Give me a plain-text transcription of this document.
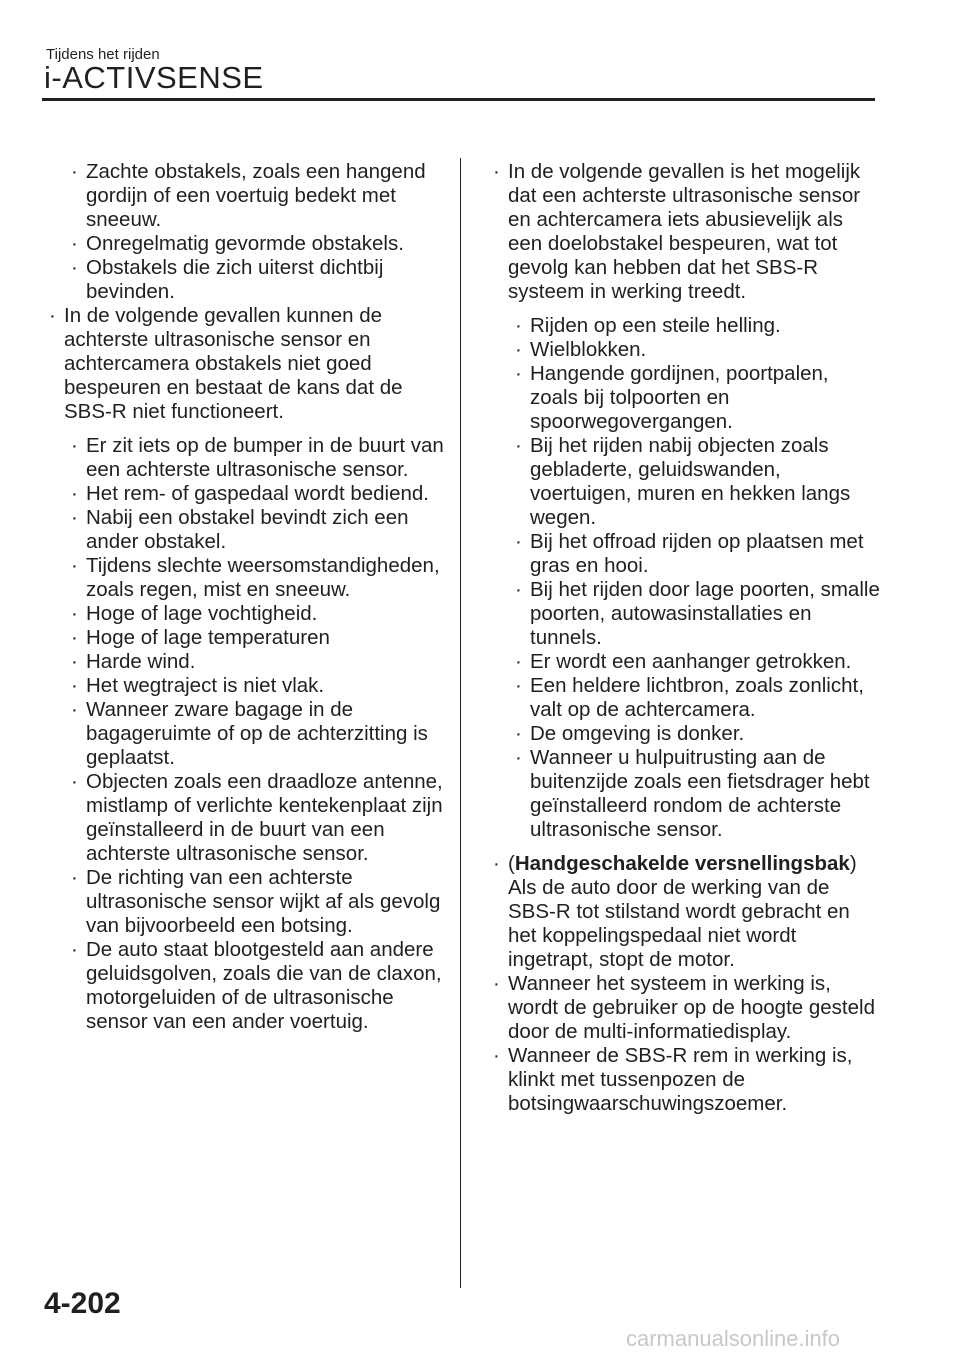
Tijdens het rijden
i-ACTIVSENSE

· Zachte obstakels, zoals een hangend gordijn of een voertuig bedekt met sneeuw.

· Onregelmatig gevormde obstakels.

· Obstakels die zich uiterst dichtbij bevinden.

· In de volgende gevallen kunnen de achterste ultrasonische sensor en achtercamera obstakels niet goed bespeuren en bestaat de kans dat de SBS-R niet functioneert.

· Er zit iets op de bumper in de buurt van een achterste ultrasonische sensor.

· Het rem- of gaspedaal wordt bediend.

· Nabij een obstakel bevindt zich een ander obstakel.

· Tijdens slechte weersomstandigheden, zoals regen, mist en sneeuw.

· Hoge of lage vochtigheid.

· Hoge of lage temperaturen

· Harde wind.

· Het wegtraject is niet vlak.

· Wanneer zware bagage in de bagageruimte of op de achterzitting is geplaatst.

· Objecten zoals een draadloze antenne, mistlamp of verlichte kentekenplaat zijn geïnstalleerd in de buurt van een achterste ultrasonische sensor.

· De richting van een achterste ultrasonische sensor wijkt af als gevolg van bijvoorbeeld een botsing.

· De auto staat blootgesteld aan andere geluidsgolven, zoals die van de claxon, motorgeluiden of de ultrasonische sensor van een ander voertuig.

· In de volgende gevallen is het mogelijk dat een achterste ultrasonische sensor en achtercamera iets abusievelijk als een doelobstakel bespeuren, wat tot gevolg kan hebben dat het SBS-R systeem in werking treedt.

· Rijden op een steile helling.

· Wielblokken.

· Hangende gordijnen, poortpalen, zoals bij tolpoorten en spoorwegovergangen.

· Bij het rijden nabij objecten zoals gebladerte, geluidswanden, voertuigen, muren en hekken langs wegen.

· Bij het offroad rijden op plaatsen met gras en hooi.

· Bij het rijden door lage poorten, smalle poorten, autowasinstallaties en tunnels.

· Er wordt een aanhanger getrokken.

· Een heldere lichtbron, zoals zonlicht, valt op de achtercamera.

· De omgeving is donker.

· Wanneer u hulpuitrusting aan de buitenzijde zoals een fietsdrager hebt geïnstalleerd rondom de achterste ultrasonische sensor.

· (Handgeschakelde versnellingsbak) Als de auto door de werking van de SBS-R tot stilstand wordt gebracht en het koppelingspedaal niet wordt ingetrapt, stopt de motor.

· Wanneer het systeem in werking is, wordt de gebruiker op de hoogte gesteld door de multi-informatiedisplay.

· Wanneer de SBS-R rem in werking is, klinkt met tussenpozen de botsingwaarschuwingszoemer.

4-202
carmanualsonline.info
